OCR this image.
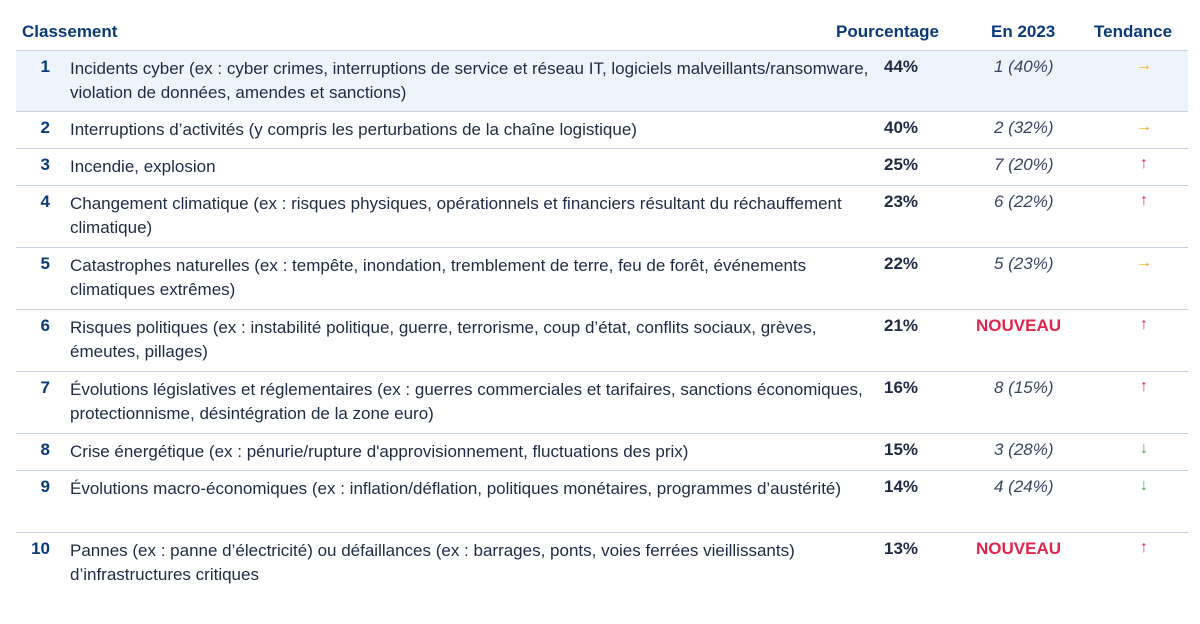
Classement	Pourcentage	En 2023 Tendance
1 Incidents cyber (ex : cyber crimes, interruptions de service et réseau IT, logiciels malveillants/ransomware, violation de données, amendes et sanctions)
44%	1 (40%)	→
2 Interruptions d’activités (y compris les perturbations de la chaîne logistique)	40%	2 (32%)	→
3 Incendie, explosion	25%	7 (20%)	↑
4 Changement climatique (ex : risques physiques, opérationnels et financiers résultant du réchauffement climatique)
23%	6 (22%)	↑
5 Catastrophes naturelles (ex : tempête, inondation, tremblement de terre, feu de forêt, événements climatiques extrêmes)
22%	5 (23%)	→
6 Risques politiques (ex : instabilité politique, guerre, terrorisme, coup d’état, conflits sociaux, grèves, émeutes, pillages)
21%	NOUVEAU	↑
7 Évolutions législatives et réglementaires (ex : guerres commerciales et tarifaires, sanctions économiques, protectionnisme, désintégration de la zone euro)
16%	8 (15%)	↑
8 Crise énergétique (ex : pénurie/rupture d'approvisionnement, fluctuations des prix)	15%	3 (28%)	↓
9 Évolutions macro-économiques (ex : inflation/déflation, politiques monétaires, programmes d’austérité)	14%	4 (24%)	↓
10 Pannes (ex : panne d’électricité) ou défaillances (ex : barrages, ponts, voies ferrées vieillissants) d’infrastructures critiques
13%	NOUVEAU	↑
